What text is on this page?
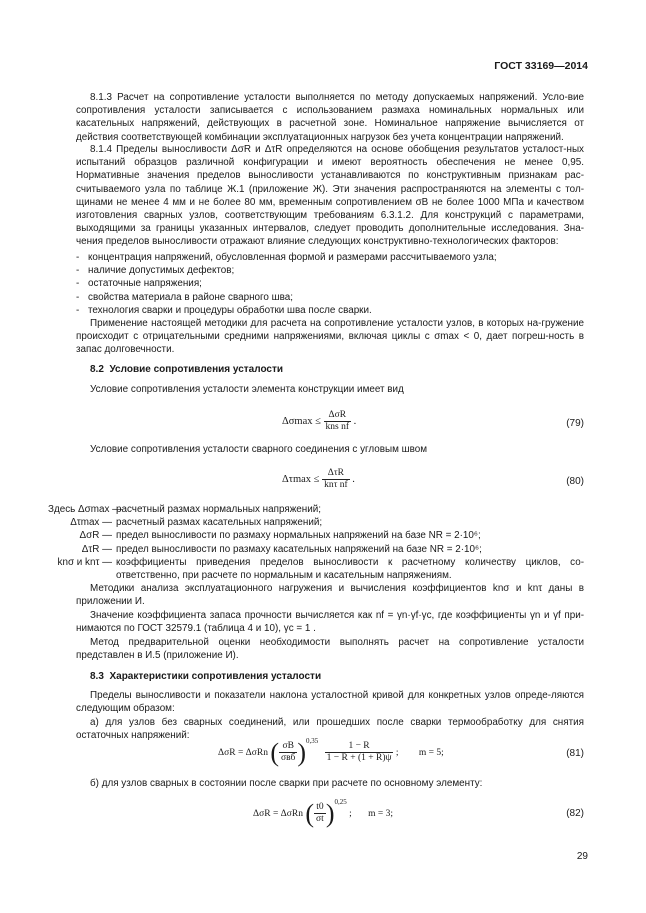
ГОСТ 33169—2014

8.1.3 Расчет на сопротивление усталости выполняется по методу допускаемых напряжений. Усло-вие сопротивления усталости записывается с использованием размаха номинальных нормальных или касательных напряжений, действующих в расчетной зоне. Номинальное напряжение вычисляется от действия соответствующей комбинации эксплуатационных нагрузок без учета концентрации напряжений.

8.1.4 Пределы выносливости ΔσR и ΔτR определяются на основе обобщения результатов усталост-ных испытаний образцов различной конфигурации и имеют вероятность обеспечения не менее 0,95. Нормативные значения пределов выносливости устанавливаются по конструктивным признакам рас-считываемого узла по таблице Ж.1 (приложение Ж). Эти значения распространяются на элементы с тол-щинами не менее 4 мм и не более 80 мм, временным сопротивлением σB не более 1000 МПа и качеством изготовления сварных узлов, соответствующим требованиям 6.3.1.2. Для конструкций с параметрами, выходящими за границы указанных интервалов, следует проводить дополнительные исследования. Зна-чения пределов выносливости отражают влияние следующих конструктивно-технологических факторов:

- концентрация напряжений, обусловленная формой и размерами рассчитываемого узла;
- наличие допустимых дефектов;
- остаточные напряжения;
- свойства материала в районе сварного шва;
- технология сварки и процедуры обработки шва после сварки.

Применение настоящей методики для расчета на сопротивление усталости узлов, в которых на-гружение происходит с отрицательными средними напряжениями, включая циклы с σmax < 0, дает погреш-ность в запас долговечности.

8.2 Условие сопротивления усталости

Условие сопротивления усталости элемента конструкции имеет вид

$\Delta\sigma\max \le \frac{\text{ΔσR}}{\text{kns nf}}$ .	(79)

Условие сопротивления усталости сварного соединения с угловым швом

$\Delta\tau\max \le \frac{\text{ΔτR}}{\text{knτ nf}}$ .	(80)
Здесь Δσmax —
расчетный размах нормальных напряжений;
Δτmax — расчетный размах касательных напряжений;
ΔσR — предел выносливости по размаху нормальных напряжений на базе NR = 2·10⁶;
ΔτR — предел выносливости по размаху касательных напряжений на базе NR = 2·10⁶;
knσ и knτ — коэффициенты приведения пределов выносливости к расчетному количеству циклов, со-ответственно, при расчете по нормальным и касательным напряжениям.

Методики анализа эксплуатационного нагружения и вычисления коэффициентов knσ и knτ даны в приложении И.

Значение коэффициента запаса прочности вычисляется как nf = γn·γf·γc, где коэффициенты γn и γf при-нимаются по ГОСТ 32579.1 (таблица 4 и 10), γc = 1 .

Метод предварительной оценки необходимости выполнять расчет на сопротивление усталости представлен в И.5 (приложение И).

8.3 Характеристики сопротивления усталости

Пределы выносливости и показатели наклона усталостной кривой для конкретных узлов опреде-ляются следующим образом:

а) для узлов без сварных соединений, или прошедших после сварки термообработку для снятия остаточных напряжений:

ΔσR = ΔσRn ( $\frac{\sigma B}{\text{σвб}} )^{0,35}$
$\frac{1 - R}{1 - R + (1 + R)\psi}$ ; m = 5;	(81)

б) для узлов сварных в состоянии после сварки при расчете по основному элементу:

ΔσR = ΔσRn ( $\frac{t0}{\sigma t} )^{0,25}$ ; m = 3;	(82)
29
